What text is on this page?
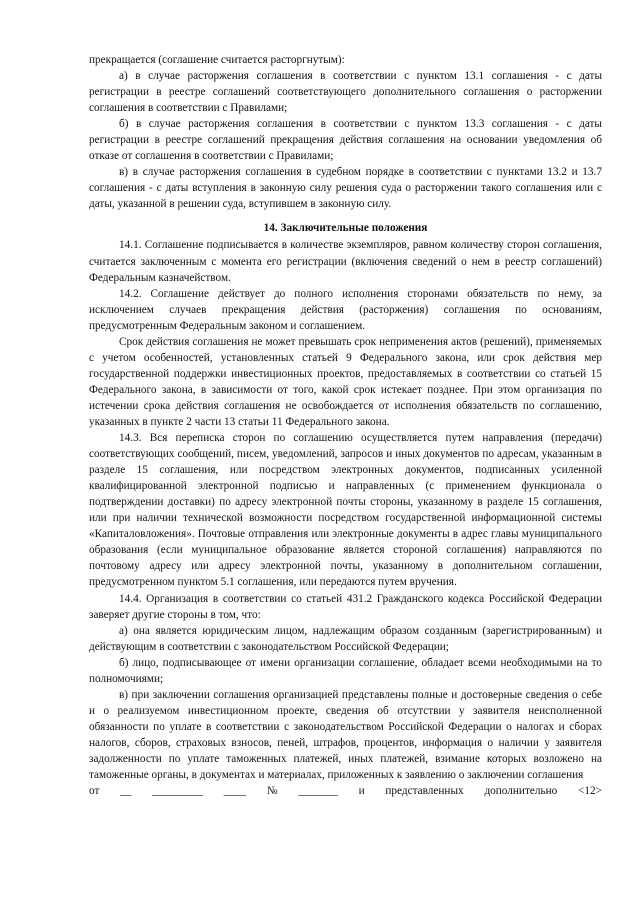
прекращается (соглашение считается расторгнутым):

а) в случае расторжения соглашения в соответствии с пунктом 13.1 соглашения - с даты регистрации в реестре соглашений соответствующего дополнительного соглашения о расторжении соглашения в соответствии с Правилами;

б) в случае расторжения соглашения в соответствии с пунктом 13.3 соглашения - с даты регистрации в реестре соглашений прекращения действия соглашения на основании уведомления об отказе от соглашения в соответствии с Правилами;

в) в случае расторжения соглашения в судебном порядке в соответствии с пунктами 13.2 и 13.7 соглашения - с даты вступления в законную силу решения суда о расторжении такого соглашения или с даты, указанной в решении суда, вступившем в законную силу.

14. Заключительные положения

14.1. Соглашение подписывается в количестве экземпляров, равном количеству сторон соглашения, считается заключенным с момента его регистрации (включения сведений о нем в реестр соглашений) Федеральным казначейством.

14.2. Соглашение действует до полного исполнения сторонами обязательств по нему, за исключением случаев прекращения действия (расторжения) соглашения по основаниям, предусмотренным Федеральным законом и соглашением.

Срок действия соглашения не может превышать срок неприменения актов (решений), применяемых с учетом особенностей, установленных статьей 9 Федерального закона, или срок действия мер государственной поддержки инвестиционных проектов, предоставляемых в соответствии со статьей 15 Федерального закона, в зависимости от того, какой срок истекает позднее. При этом организация по истечении срока действия соглашения не освобождается от исполнения обязательств по соглашению, указанных в пункте 2 части 13 статьи 11 Федерального закона.

14.3. Вся переписка сторон по соглашению осуществляется путем направления (передачи) соответствующих сообщений, писем, уведомлений, запросов и иных документов по адресам, указанным в разделе 15 соглашения, или посредством электронных документов, подписанных усиленной квалифицированной электронной подписью и направленных (с применением функционала о подтверждении доставки) по адресу электронной почты стороны, указанному в разделе 15 соглашения, или при наличии технической возможности посредством государственной информационной системы «Капиталовложения». Почтовые отправления или электронные документы в адрес главы муниципального образования (если муниципальное образование является стороной соглашения) направляются по почтовому адресу или адресу электронной почты, указанному в дополнительном соглашении, предусмотренном пунктом 5.1 соглашения, или передаются путем вручения.

14.4. Организация в соответствии со статьей 431.2 Гражданского кодекса Российской Федерации заверяет другие стороны в том, что:

а) она является юридическим лицом, надлежащим образом созданным (зарегистрированным) и действующим в соответствии с законодательством Российской Федерации;

б) лицо, подписывающее от имени организации соглашение, обладает всеми необходимыми на то полномочиями;

в) при заключении соглашения организацией представлены полные и достоверные сведения о себе и о реализуемом инвестиционном проекте, сведения об отсутствии у заявителя неисполненной обязанности по уплате в соответствии с законодательством Российской Федерации о налогах и сборах налогов, сборов, страховых взносов, пеней, штрафов, процентов, информация о наличии у заявителя задолженности по уплате таможенных платежей, иных платежей, взимание которых возложено на таможенные органы, в документах и материалах, приложенных к заявлению о заключении соглашения

от __ _________ ____ № _______ и представленных дополнительно <12>
